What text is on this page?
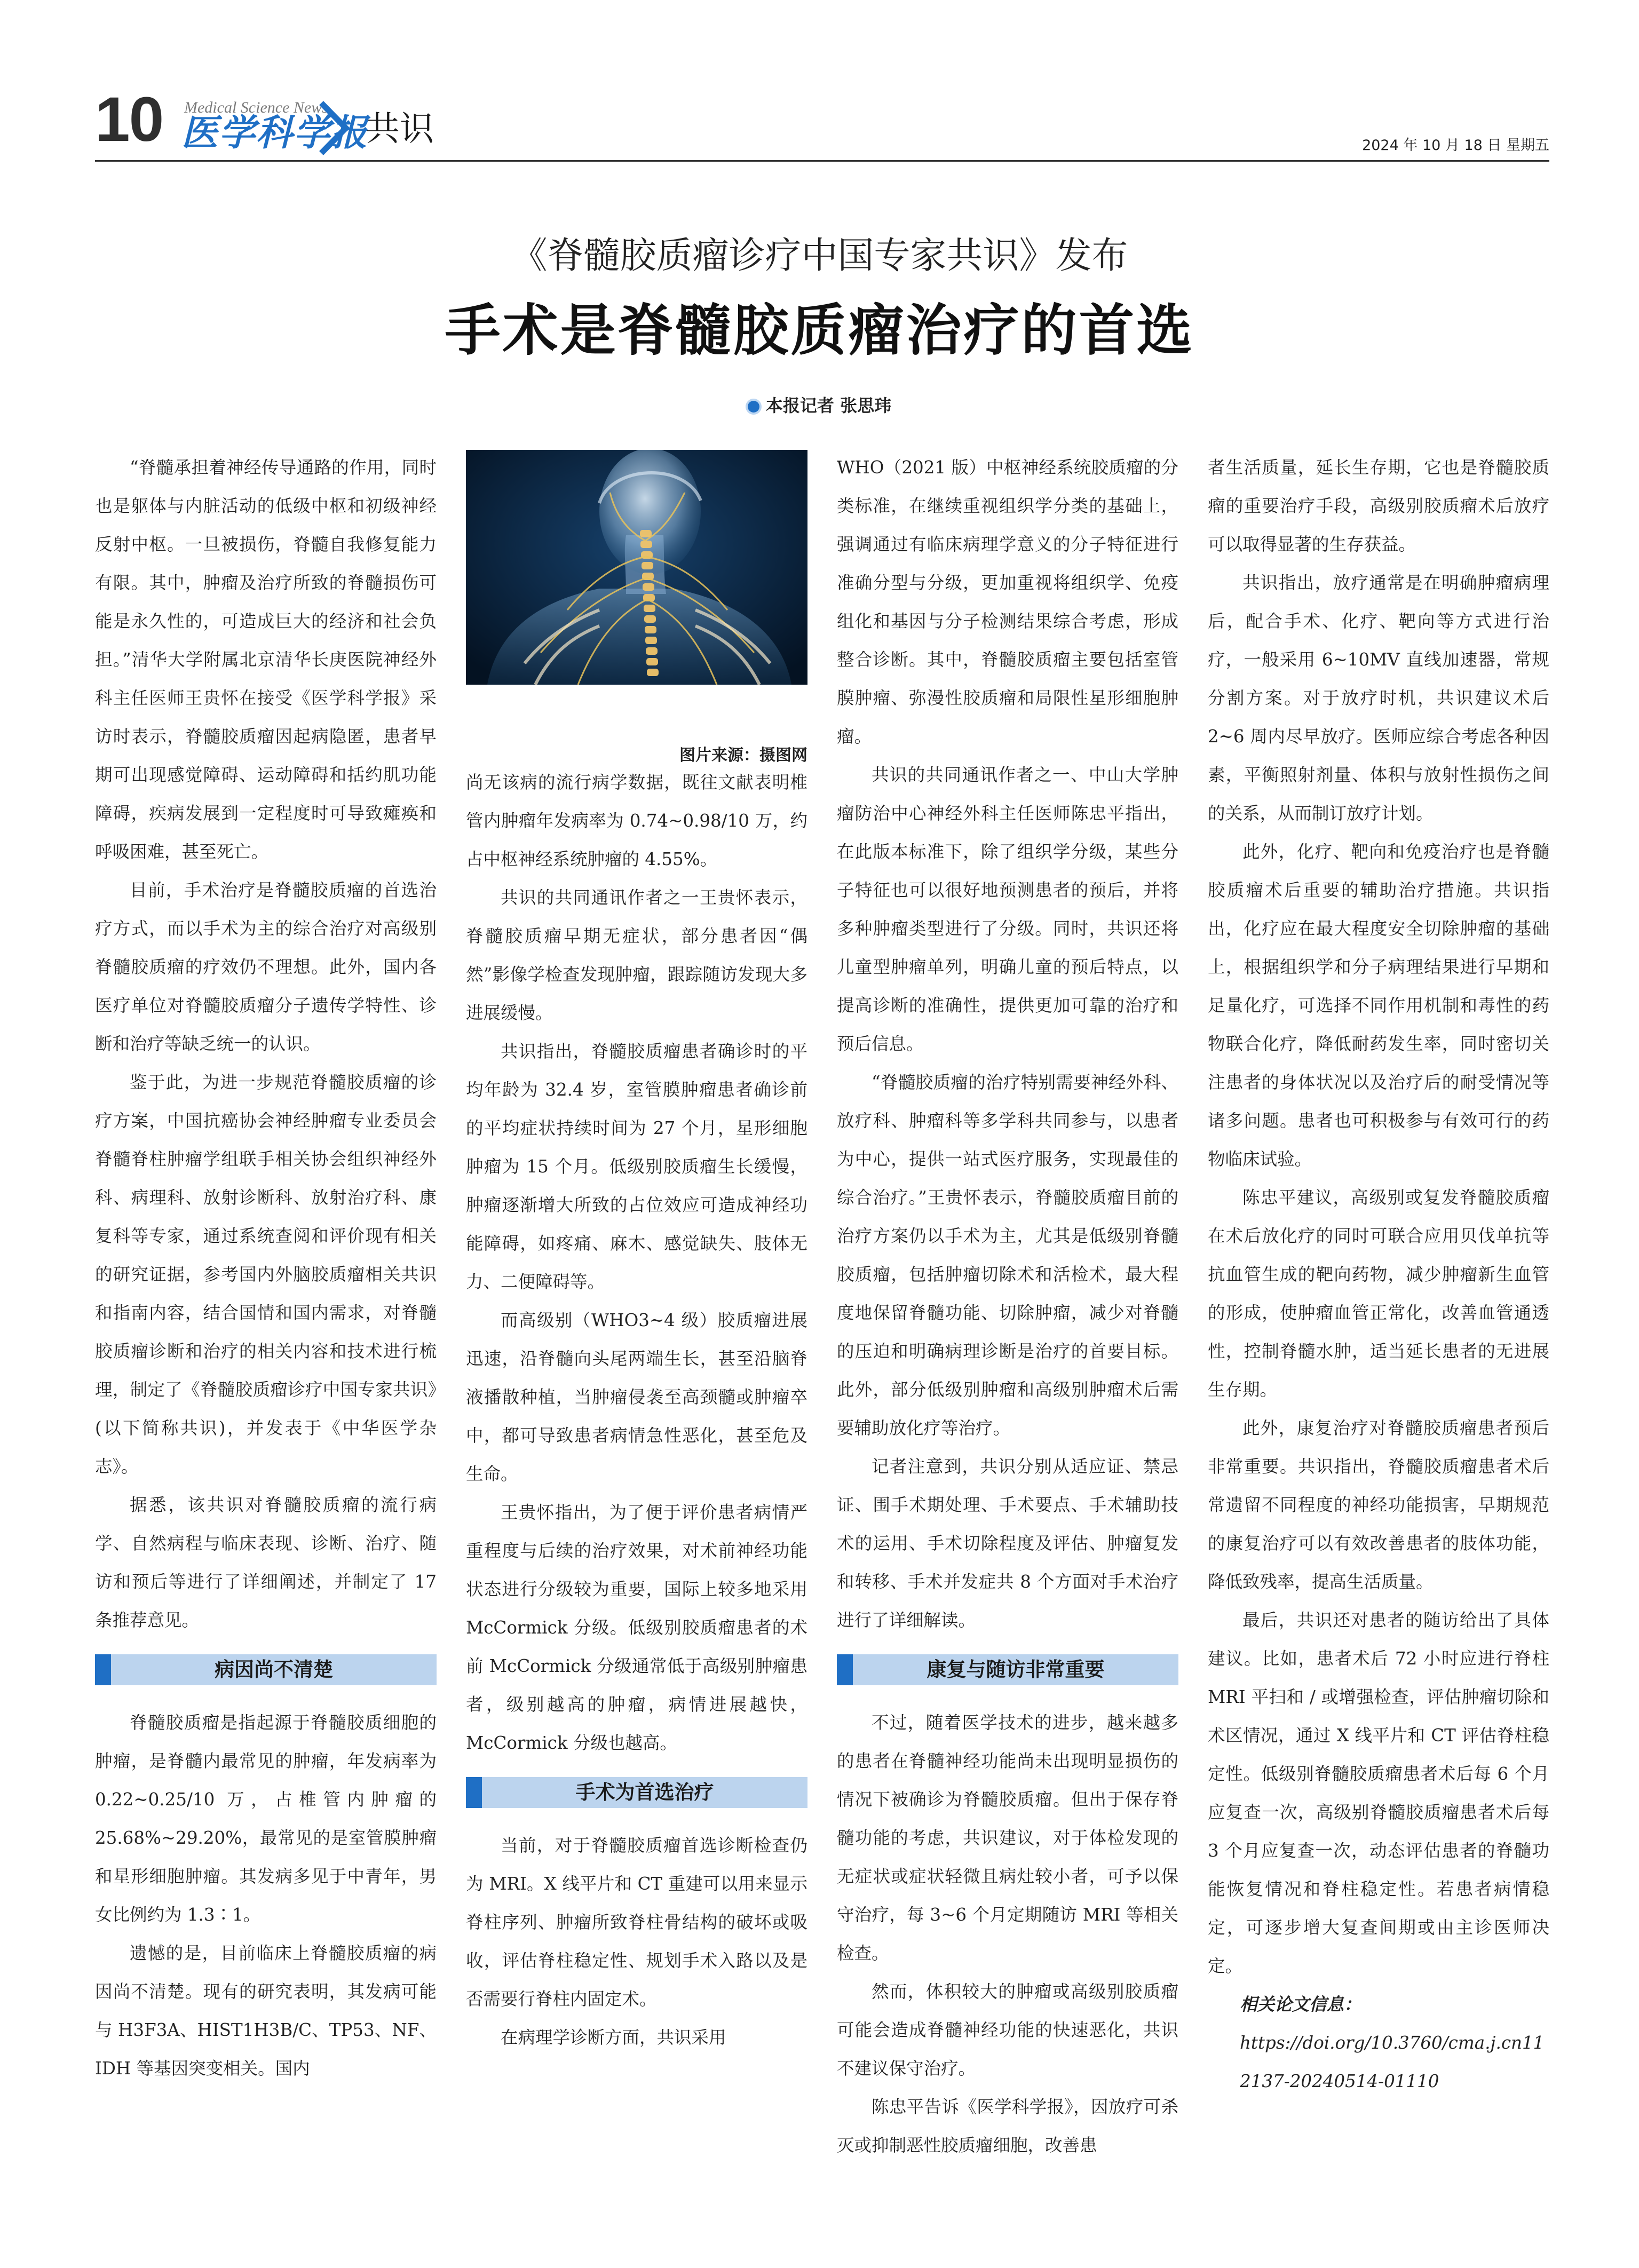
10 Medical Science News
医学科学报
共识	2024 年 10 月 18 日 星期五
《脊髓胶质瘤诊疗中国专家共识》发布
手术是脊髓胶质瘤治疗的首选
本报记者 张思玮
图片来源：摄图网

“脊髓承担着神经传导通路的作用，同时也是躯体与内脏活动的低级中枢和初级神经反射中枢。一旦被损伤，脊髓自我修复能力有限。其中，肿瘤及治疗所致的脊髓损伤可能是永久性的，可造成巨大的经济和社会负担。”清华大学附属北京清华长庚医院神经外科主任医师王贵怀在接受《医学科学报》采访时表示，脊髓胶质瘤因起病隐匿，患者早期可出现感觉障碍、运动障碍和括约肌功能障碍，疾病发展到一定程度时可导致瘫痪和呼吸困难，甚至死亡。

目前，手术治疗是脊髓胶质瘤的首选治疗方式，而以手术为主的综合治疗对高级别脊髓胶质瘤的疗效仍不理想。此外，国内各医疗单位对脊髓胶质瘤分子遗传学特性、诊断和治疗等缺乏统一的认识。

鉴于此，为进一步规范脊髓胶质瘤的诊疗方案，中国抗癌协会神经肿瘤专业委员会脊髓脊柱肿瘤学组联手相关协会组织神经外科、病理科、放射诊断科、放射治疗科、康复科等专家，通过系统查阅和评价现有相关的研究证据，参考国内外脑胶质瘤相关共识和指南内容，结合国情和国内需求，对脊髓胶质瘤诊断和治疗的相关内容和技术进行梳理，制定了《脊髓胶质瘤诊疗中国专家共识》(以下简称共识)，并发表于《中华医学杂志》。

据悉，该共识对脊髓胶质瘤的流行病学、自然病程与临床表现、诊断、治疗、随访和预后等进行了详细阐述，并制定了 17 条推荐意见。

病因尚不清楚

脊髓胶质瘤是指起源于脊髓胶质细胞的肿瘤，是脊髓内最常见的肿瘤，年发病率为 0.22~0.25/10 万，占椎管内肿瘤的 25.68%~29.20%，最常见的是室管膜肿瘤和星形细胞肿瘤。其发病多见于中青年，男女比例约为 1.3∶1。

遗憾的是，目前临床上脊髓胶质瘤的病因尚不清楚。现有的研究表明，其发病可能与 H3F3A、HIST1H3B/C、TP53、NF、IDH 等基因突变相关。国内

尚无该病的流行病学数据，既往文献表明椎管内肿瘤年发病率为 0.74~0.98/10 万，约占中枢神经系统肿瘤的 4.55%。

共识的共同通讯作者之一王贵怀表示，脊髓胶质瘤早期无症状，部分患者因“偶然”影像学检查发现肿瘤，跟踪随访发现大多进展缓慢。

共识指出，脊髓胶质瘤患者确诊时的平均年龄为 32.4 岁，室管膜肿瘤患者确诊前的平均症状持续时间为 27 个月，星形细胞肿瘤为 15 个月。低级别胶质瘤生长缓慢，肿瘤逐渐增大所致的占位效应可造成神经功能障碍，如疼痛、麻木、感觉缺失、肢体无力、二便障碍等。

而高级别（WHO3~4 级）胶质瘤进展迅速，沿脊髓向头尾两端生长，甚至沿脑脊液播散种植，当肿瘤侵袭至高颈髓或肿瘤卒中，都可导致患者病情急性恶化，甚至危及生命。

王贵怀指出，为了便于评价患者病情严重程度与后续的治疗效果，对术前神经功能状态进行分级较为重要，国际上较多地采用 McCormick 分级。低级别胶质瘤患者的术前 McCormick 分级通常低于高级别肿瘤患者，级别越高的肿瘤，病情进展越快，McCormick 分级也越高。

手术为首选治疗

当前，对于脊髓胶质瘤首选诊断检查仍为 MRI。X 线平片和 CT 重建可以用来显示脊柱序列、肿瘤所致脊柱骨结构的破坏或吸收，评估脊柱稳定性、规划手术入路以及是否需要行脊柱内固定术。

在病理学诊断方面，共识采用

WHO（2021 版）中枢神经系统胶质瘤的分类标准，在继续重视组织学分类的基础上，强调通过有临床病理学意义的分子特征进行准确分型与分级，更加重视将组织学、免疫组化和基因与分子检测结果综合考虑，形成整合诊断。其中，脊髓胶质瘤主要包括室管膜肿瘤、弥漫性胶质瘤和局限性星形细胞肿瘤。

共识的共同通讯作者之一、中山大学肿瘤防治中心神经外科主任医师陈忠平指出，在此版本标准下，除了组织学分级，某些分子特征也可以很好地预测患者的预后，并将多种肿瘤类型进行了分级。同时，共识还将儿童型肿瘤单列，明确儿童的预后特点，以提高诊断的准确性，提供更加可靠的治疗和预后信息。

“脊髓胶质瘤的治疗特别需要神经外科、放疗科、肿瘤科等多学科共同参与，以患者为中心，提供一站式医疗服务，实现最佳的综合治疗。”王贵怀表示，脊髓胶质瘤目前的治疗方案仍以手术为主，尤其是低级别脊髓胶质瘤，包括肿瘤切除术和活检术，最大程度地保留脊髓功能、切除肿瘤，减少对脊髓的压迫和明确病理诊断是治疗的首要目标。此外，部分低级别肿瘤和高级别肿瘤术后需要辅助放化疗等治疗。

记者注意到，共识分别从适应证、禁忌证、围手术期处理、手术要点、手术辅助技术的运用、手术切除程度及评估、肿瘤复发和转移、手术并发症共 8 个方面对手术治疗进行了详细解读。

康复与随访非常重要

不过，随着医学技术的进步，越来越多的患者在脊髓神经功能尚未出现明显损伤的情况下被确诊为脊髓胶质瘤。但出于保存脊髓功能的考虑，共识建议，对于体检发现的无症状或症状轻微且病灶较小者，可予以保守治疗，每 3~6 个月定期随访 MRI 等相关检查。

然而，体积较大的肿瘤或高级别胶质瘤可能会造成脊髓神经功能的快速恶化，共识不建议保守治疗。

陈忠平告诉《医学科学报》，因放疗可杀灭或抑制恶性胶质瘤细胞，改善患

者生活质量，延长生存期，它也是脊髓胶质瘤的重要治疗手段，高级别胶质瘤术后放疗可以取得显著的生存获益。

共识指出，放疗通常是在明确肿瘤病理后，配合手术、化疗、靶向等方式进行治疗，一般采用 6~10MV 直线加速器，常规分割方案。对于放疗时机，共识建议术后 2~6 周内尽早放疗。医师应综合考虑各种因素，平衡照射剂量、体积与放射性损伤之间的关系，从而制订放疗计划。

此外，化疗、靶向和免疫治疗也是脊髓胶质瘤术后重要的辅助治疗措施。共识指出，化疗应在最大程度安全切除肿瘤的基础上，根据组织学和分子病理结果进行早期和足量化疗，可选择不同作用机制和毒性的药物联合化疗，降低耐药发生率，同时密切关注患者的身体状况以及治疗后的耐受情况等诸多问题。患者也可积极参与有效可行的药物临床试验。

陈忠平建议，高级别或复发脊髓胶质瘤在术后放化疗的同时可联合应用贝伐单抗等抗血管生成的靶向药物，减少肿瘤新生血管的形成，使肿瘤血管正常化，改善血管通透性，控制脊髓水肿，适当延长患者的无进展生存期。

此外，康复治疗对脊髓胶质瘤患者预后非常重要。共识指出，脊髓胶质瘤患者术后常遗留不同程度的神经功能损害，早期规范的康复治疗可以有效改善患者的肢体功能，降低致残率，提高生活质量。

最后，共识还对患者的随访给出了具体建议。比如，患者术后 72 小时应进行脊柱 MRI 平扫和 / 或增强检查，评估肿瘤切除和术区情况，通过 X 线平片和 CT 评估脊柱稳定性。低级别脊髓胶质瘤患者术后每 6 个月应复查一次，高级别脊髓胶质瘤患者术后每 3 个月应复查一次，动态评估患者的脊髓功能恢复情况和脊柱稳定性。若患者病情稳定，可逐步增大复查间期或由主诊医师决定。

相关论文信息：

https://doi.org/10.3760/cma.j.cn112137-20240514-01110
